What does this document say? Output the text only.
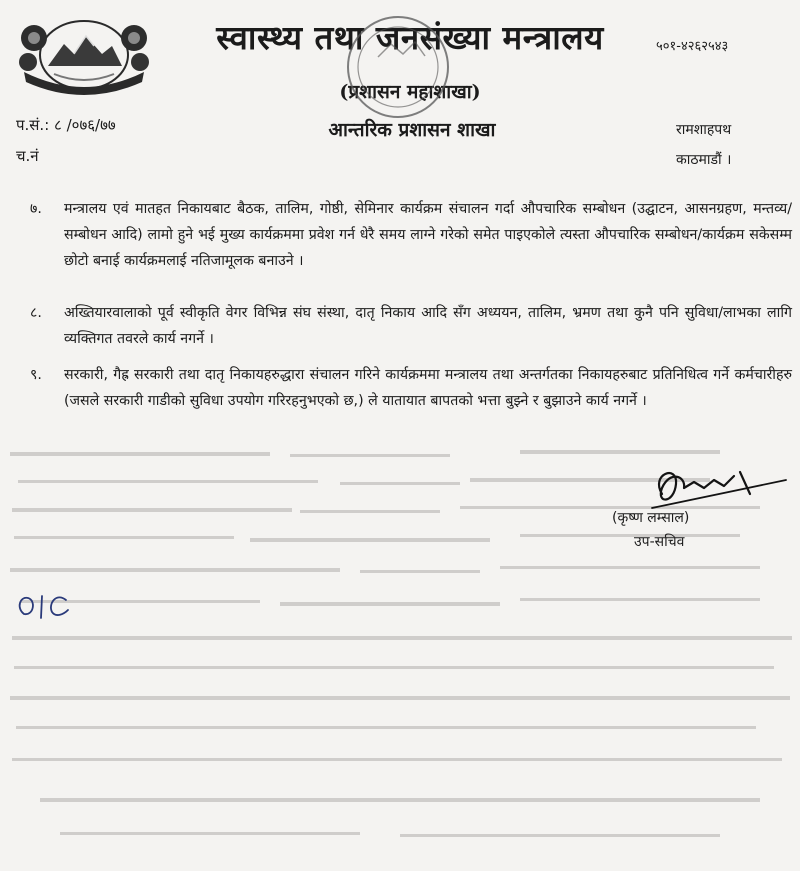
स्वास्थ्य तथा जनसंख्या मन्त्रालय
(प्रशासन महाशाखा)
आन्तरिक प्रशासन शाखा
५०१-४२६२५४३
प.सं.: ८ /०७६/७७
च.नं
रामशाहपथ
काठमाडौं ।
७.	मन्त्रालय एवं मातहत निकायबाट बैठक, तालिम, गोष्ठी, सेमिनार कार्यक्रम संचालन गर्दा औपचारिक सम्बोधन (उद्घाटन, आसनग्रहण, मन्तव्य/सम्बोधन आदि) लामो हुने भई मुख्य कार्यक्रममा प्रवेश गर्न धेरै समय लाग्ने गरेको समेत पाइएकोले त्यस्ता औपचारिक सम्बोधन/कार्यक्रम सकेसम्म छोटो बनाई कार्यक्रमलाई नतिजामूलक बनाउने ।
८.	अख्तियारवालाको पूर्व स्वीकृति वेगर विभिन्न संघ संस्था, दातृ निकाय आदि सँग अध्ययन, तालिम, भ्रमण तथा कुनै पनि सुविधा/लाभका लागि व्यक्तिगत तवरले कार्य नगर्ने ।
९.	सरकारी, गैह्र सरकारी तथा दातृ निकायहरुद्धारा संचालन गरिने कार्यक्रममा मन्त्रालय तथा अन्तर्गतका निकायहरुबाट प्रतिनिधित्व गर्ने कर्मचारीहरु (जसले सरकारी गाडीको सुविधा उपयोग गरिरहनुभएको छ,) ले यातायात बापतको भत्ता बुझ्ने र बुझाउने कार्य नगर्ने ।
(कृष्ण लम्साल)
उप-सचिव
